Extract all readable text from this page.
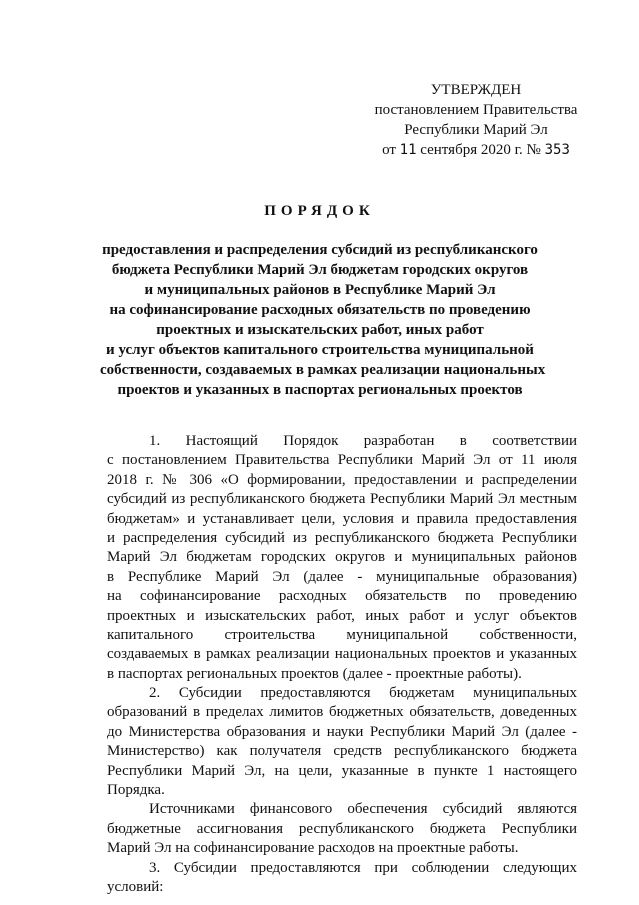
УТВЕРЖДЕН
постановлением Правительства
Республики Марий Эл
от 11 сентября 2020 г. № 353
ПОРЯДОК
предоставления и распределения субсидий из республиканского
бюджета Республики Марий Эл бюджетам городских округов
и муниципальных районов в Республике Марий Эл
на софинансирование расходных обязательств по проведению
проектных и изыскательских работ, иных работ
и услуг объектов капитального строительства муниципальной
собственности, создаваемых в рамках реализации национальных
проектов и указанных в паспортах региональных проектов
1. Настоящий Порядок разработан в соответствии
с постановлением Правительства Республики Марий Эл от 11 июля
2018 г. № 306 «О формировании, предоставлении и распределении
субсидий из республиканского бюджета Республики Марий Эл местным
бюджетам» и устанавливает цели, условия и правила предоставления
и распределения субсидий из республиканского бюджета Республики
Марий Эл бюджетам городских округов и муниципальных районов
в Республике Марий Эл (далее - муниципальные образования)
на софинансирование расходных обязательств по проведению
проектных и изыскательских работ, иных работ и услуг объектов
капитального строительства муниципальной собственности,
создаваемых в рамках реализации национальных проектов и указанных
в паспортах региональных проектов (далее - проектные работы).
2. Субсидии предоставляются бюджетам муниципальных
образований в пределах лимитов бюджетных обязательств, доведенных
до Министерства образования и науки Республики Марий Эл (далее -
Министерство) как получателя средств республиканского бюджета
Республики Марий Эл, на цели, указанные в пункте 1 настоящего
Порядка.
Источниками финансового обеспечения субсидий являются
бюджетные ассигнования республиканского бюджета Республики
Марий Эл на софинансирование расходов на проектные работы.
3. Субсидии предоставляются при соблюдении следующих
условий:
